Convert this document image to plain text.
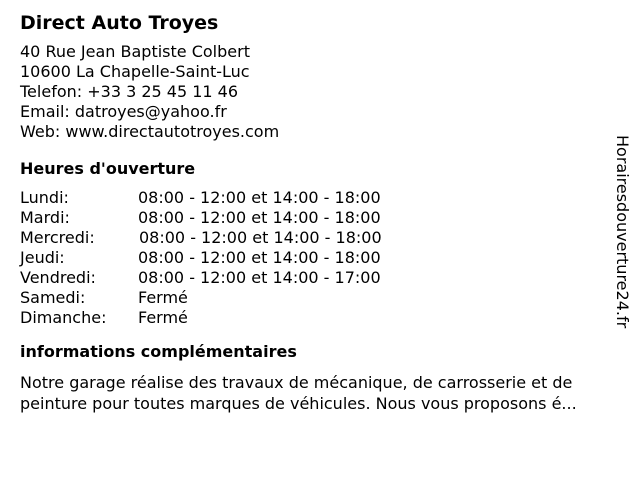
Direct Auto Troyes
40 Rue Jean Baptiste Colbert
10600 La Chapelle-Saint-Luc
Telefon: +33 3 25 45 11 46
Email: datroyes@yahoo.fr
Web: www.directautotroyes.com
Heures d'ouverture
Lundi:	08:00 - 12:00 et 14:00 - 18:00
Mardi:	08:00 - 12:00 et 14:00 - 18:00
Mercredi:	08:00 - 12:00 et 14:00 - 18:00
Jeudi:	08:00 - 12:00 et 14:00 - 18:00
Vendredi:	08:00 - 12:00 et 14:00 - 17:00
Samedi:	Fermé
Dimanche:	Fermé
informations complémentaires
Notre garage réalise des travaux de mécanique, de carrosserie et de peinture pour toutes marques de véhicules. Nous vous proposons é...
Horairesdouverture24.fr
